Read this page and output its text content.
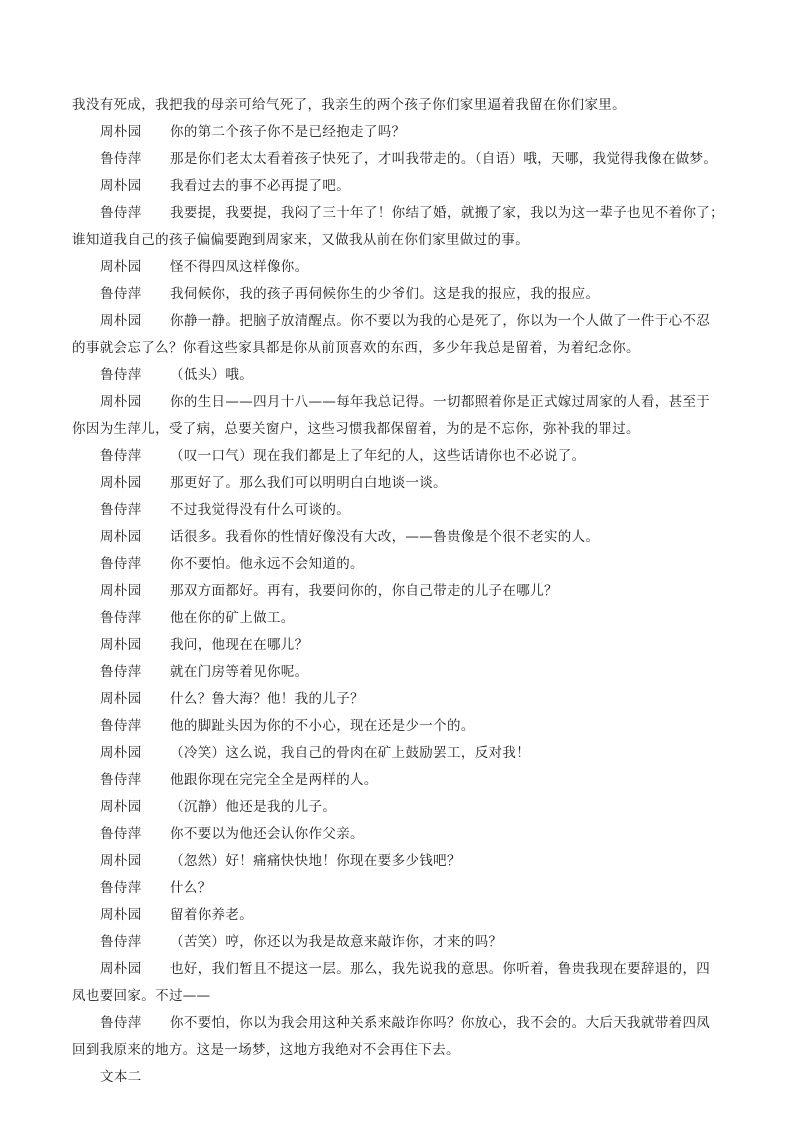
我没有死成，我把我的母亲可给气死了，我亲生的两个孩子你们家里逼着我留在你们家里。
周朴园 你的第二个孩子你不是已经抱走了吗？
鲁侍萍 那是你们老太太看着孩子快死了，才叫我带走的。（自语）哦，天哪，我觉得我像在做梦。
周朴园 我看过去的事不必再提了吧。
鲁侍萍 我要提，我要提，我闷了三十年了！你结了婚，就搬了家，我以为这一辈子也见不着你了；
谁知道我自己的孩子偏偏要跑到周家来，又做我从前在你们家里做过的事。
周朴园 怪不得四凤这样像你。
鲁侍萍 我伺候你，我的孩子再伺候你生的少爷们。这是我的报应，我的报应。
周朴园 你静一静。把脑子放清醒点。你不要以为我的心是死了，你以为一个人做了一件于心不忍
的事就会忘了么？你看这些家具都是你从前顶喜欢的东西，多少年我总是留着，为着纪念你。
鲁侍萍 （低头）哦。
周朴园 你的生日——四月十八——每年我总记得。一切都照着你是正式嫁过周家的人看，甚至于
你因为生萍儿，受了病，总要关窗户，这些习惯我都保留着，为的是不忘你，弥补我的罪过。
鲁侍萍 （叹一口气）现在我们都是上了年纪的人，这些话请你也不必说了。
周朴园 那更好了。那么我们可以明明白白地谈一谈。
鲁侍萍 不过我觉得没有什么可谈的。
周朴园 话很多。我看你的性情好像没有大改，——鲁贵像是个很不老实的人。
鲁侍萍 你不要怕。他永远不会知道的。
周朴园 那双方面都好。再有，我要问你的，你自己带走的儿子在哪儿？
鲁侍萍 他在你的矿上做工。
周朴园 我问，他现在在哪儿？
鲁侍萍 就在门房等着见你呢。
周朴园 什么？鲁大海？他！我的儿子？
鲁侍萍 他的脚趾头因为你的不小心，现在还是少一个的。
周朴园 （冷笑）这么说，我自己的骨肉在矿上鼓励罢工，反对我！
鲁侍萍 他跟你现在完完全全是两样的人。
周朴园 （沉静）他还是我的儿子。
鲁侍萍 你不要以为他还会认你作父亲。
周朴园 （忽然）好！痛痛快快地！你现在要多少钱吧？
鲁侍萍 什么？
周朴园 留着你养老。
鲁侍萍 （苦笑）哼，你还以为我是故意来敲诈你，才来的吗？
周朴园 也好，我们暂且不提这一层。那么，我先说我的意思。你听着，鲁贵我现在要辞退的，四
凤也要回家。不过——
鲁侍萍 你不要怕，你以为我会用这种关系来敲诈你吗？你放心，我不会的。大后天我就带着四凤
回到我原来的地方。这是一场梦，这地方我绝对不会再住下去。
文本二
